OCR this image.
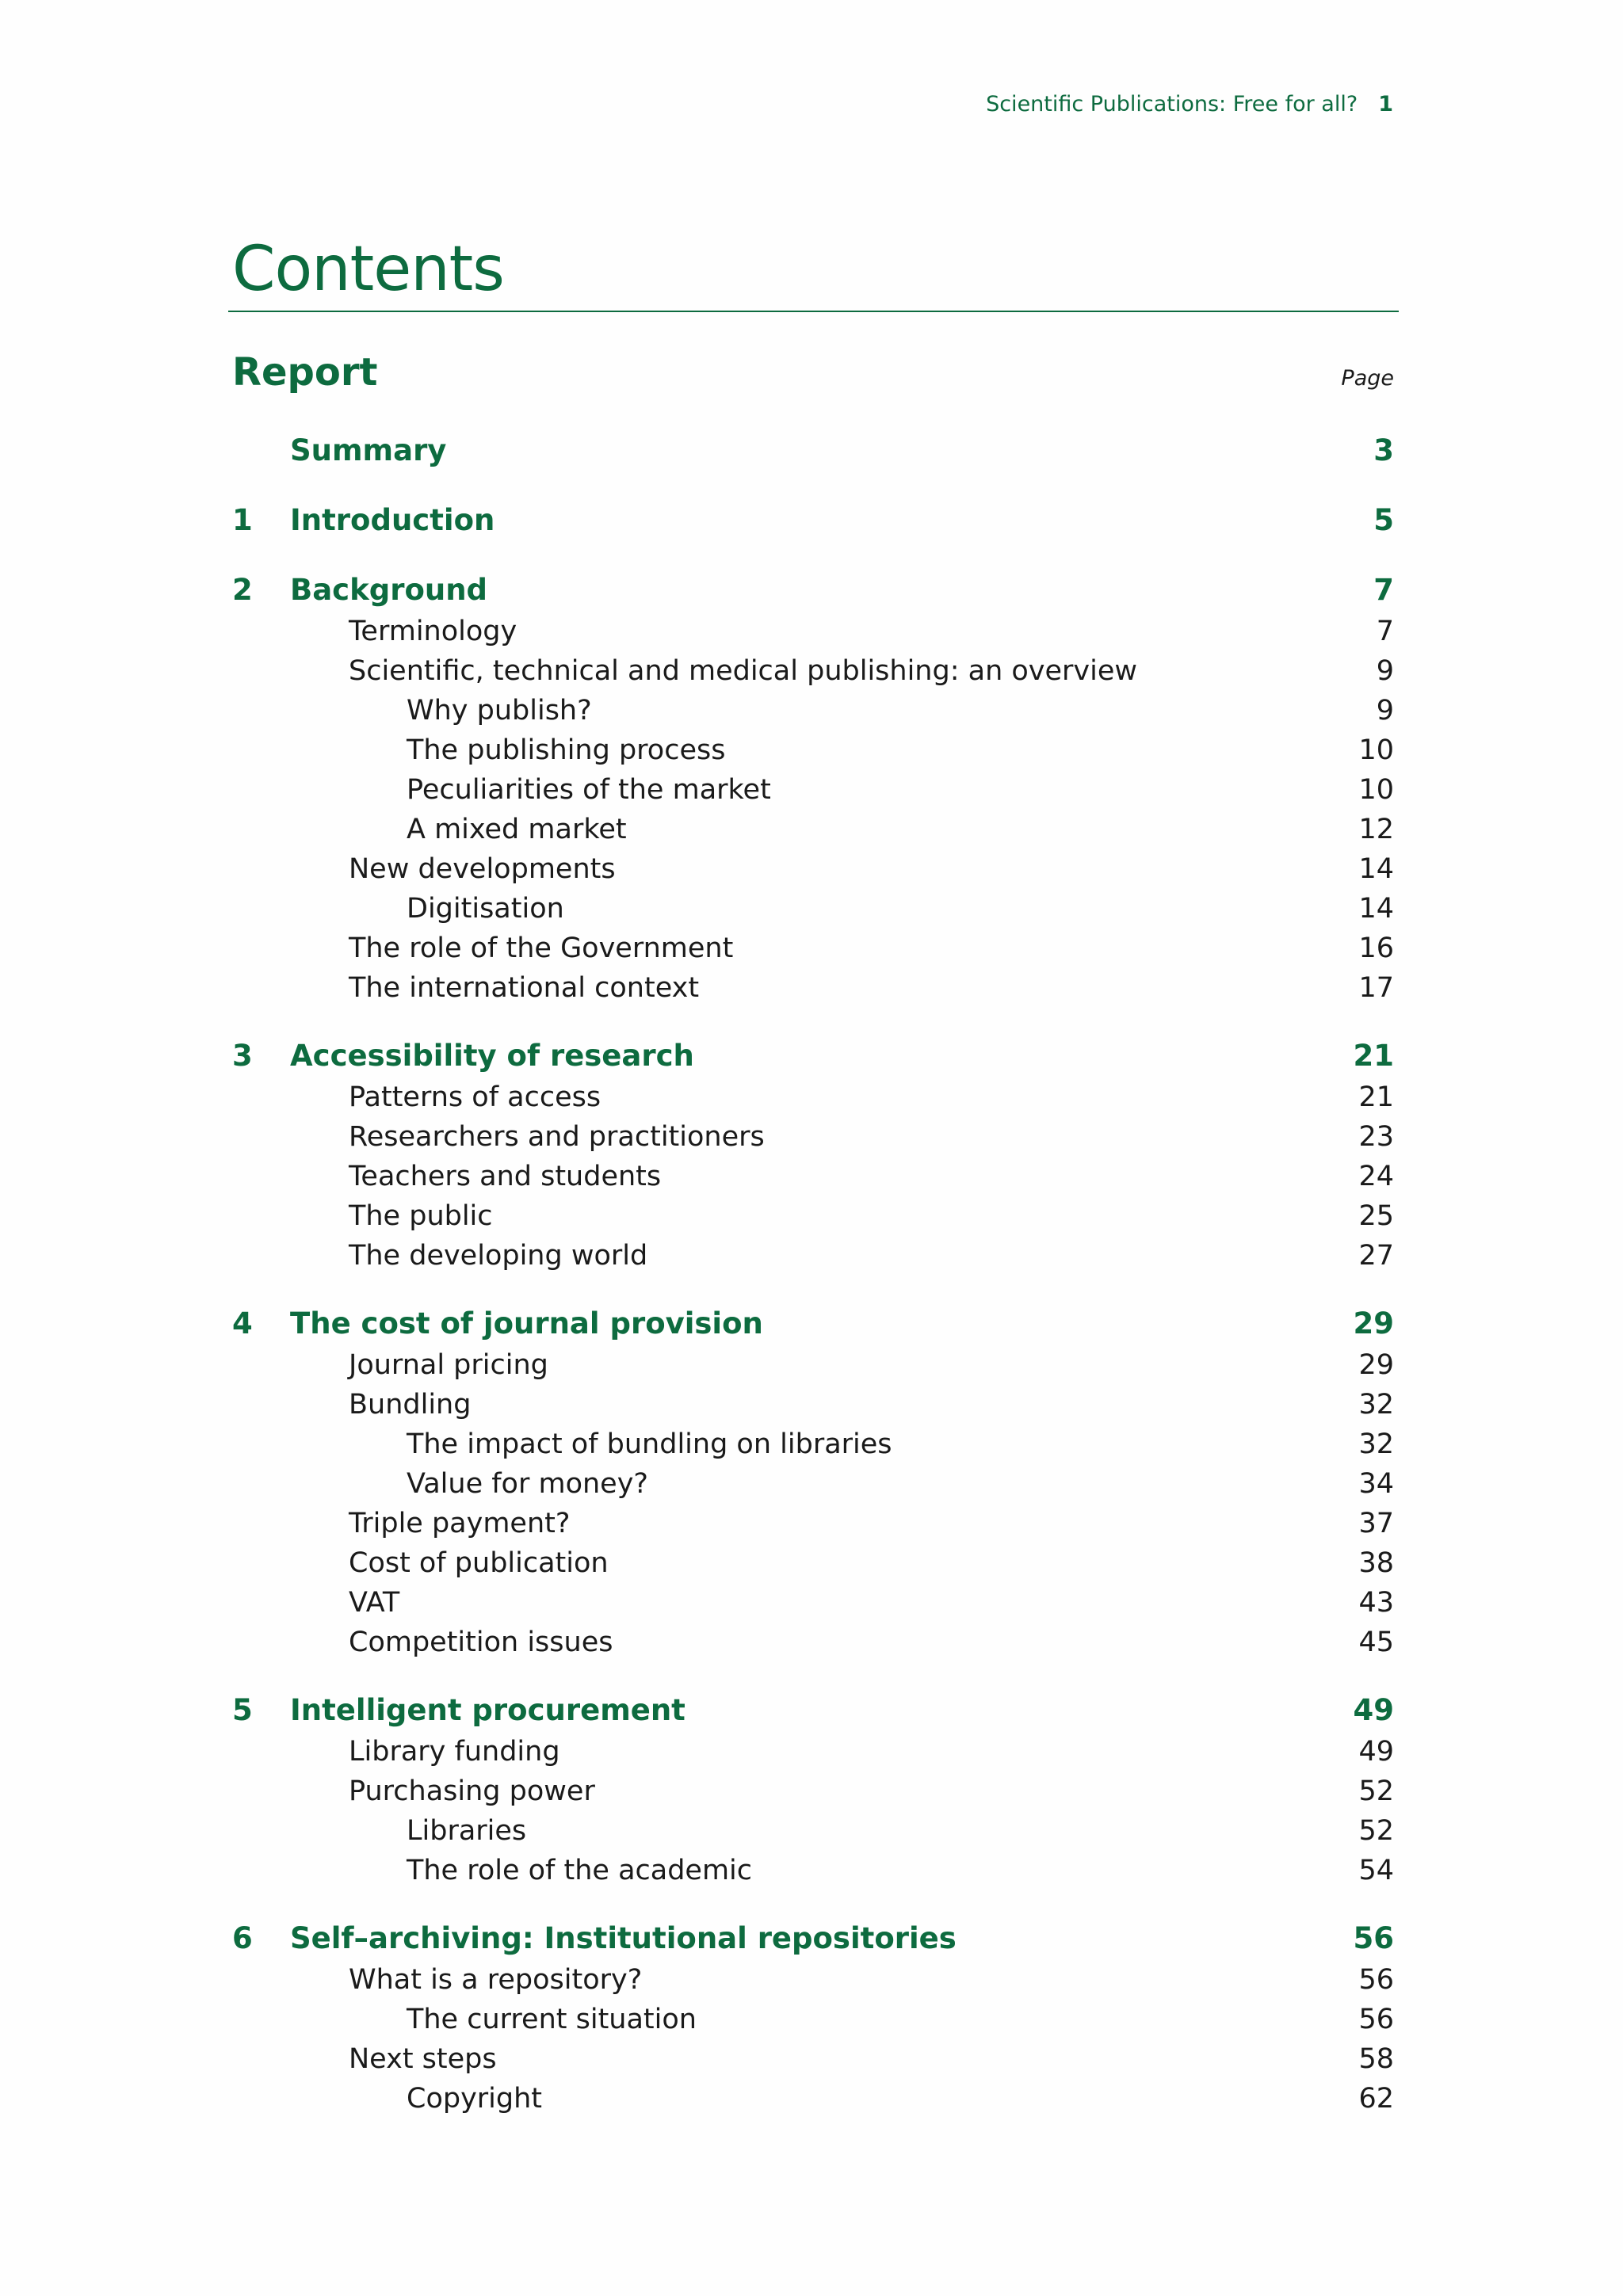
Scientific Publications: Free for all? 1
Contents
Report	Page
Summary	3
1	Introduction	5
2	Background	7
Terminology	7
Scientific, technical and medical publishing: an overview	9
Why publish?	9
The publishing process	10
Peculiarities of the market	10
A mixed market	12
New developments	14
Digitisation	14
The role of the Government	16
The international context	17
3	Accessibility of research	21
Patterns of access	21
Researchers and practitioners	23
Teachers and students	24
The public	25
The developing world	27
4	The cost of journal provision	29
Journal pricing	29
Bundling	32
The impact of bundling on libraries	32
Value for money?	34
Triple payment?	37
Cost of publication	38
VAT	43
Competition issues	45
5	Intelligent procurement	49
Library funding	49
Purchasing power	52
Libraries	52
The role of the academic	54
6	Self–archiving: Institutional repositories	56
What is a repository?	56
The current situation	56
Next steps	58
Copyright	62
